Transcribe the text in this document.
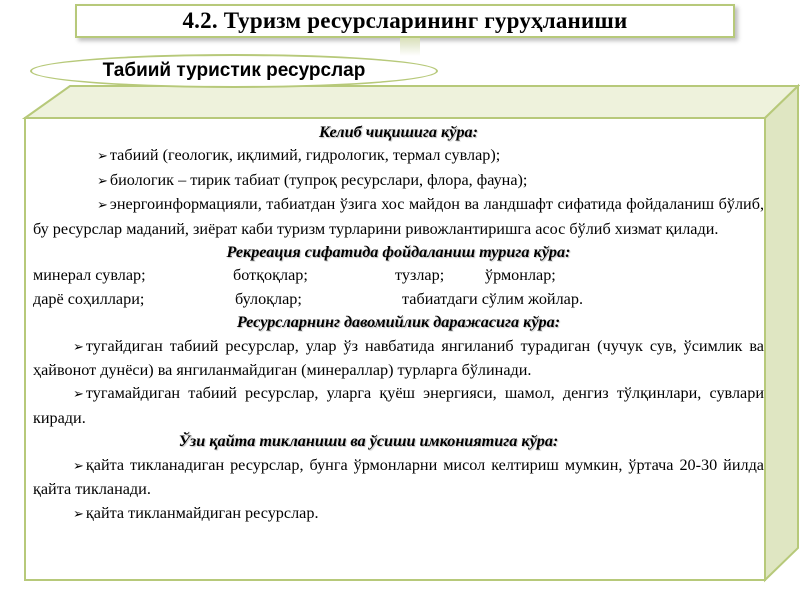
4.2. Туризм ресурсларининг гуруҳланиши
Табиий туристик ресурслар

Келиб чиқишига кўра:

➢ табиий (геологик, иқлимий, гидрологик, термал сувлар);

➢ биологик – тирик табиат (тупроқ ресурслари, флора, фауна);

➢ энергоинформацияли, табиатдан ўзига хос майдон ва ландшафт сифатида фойдаланиш бўлиб, бу ресурслар маданий, зиёрат каби туризм турларини ривожлантиришга асос бўлиб хизмат қилади.

Рекреация сифатида фойдаланиш турига кўра:

минерал сувлар;	ботқоқлар;	тузлар;	ўрмонлар;
дарё соҳиллари;	булоқлар;	табиатдаги сўлим жойлар.

Ресурсларнинг давомийлик даражасига кўра:

➢ тугайдиган табиий ресурслар, улар ўз навбатида янгиланиб турадиган (чучук сув, ўсимлик ва ҳайвонот дунёси) ва янгиланмайдиган (минераллар) турларга бўлинади.

➢ тугамайдиган табиий ресурслар, уларга қуёш энергияси, шамол, денгиз тўлқинлари, сувлари киради.

Ўзи қайта тикланиши ва ўсиши имкониятига кўра:

➢ қайта тикланадиган ресурслар, бунга ўрмонларни мисол келтириш мумкин, ўртача 20-30 йилда қайта тикланади.

➢ қайта тикланмайдиган ресурслар.
